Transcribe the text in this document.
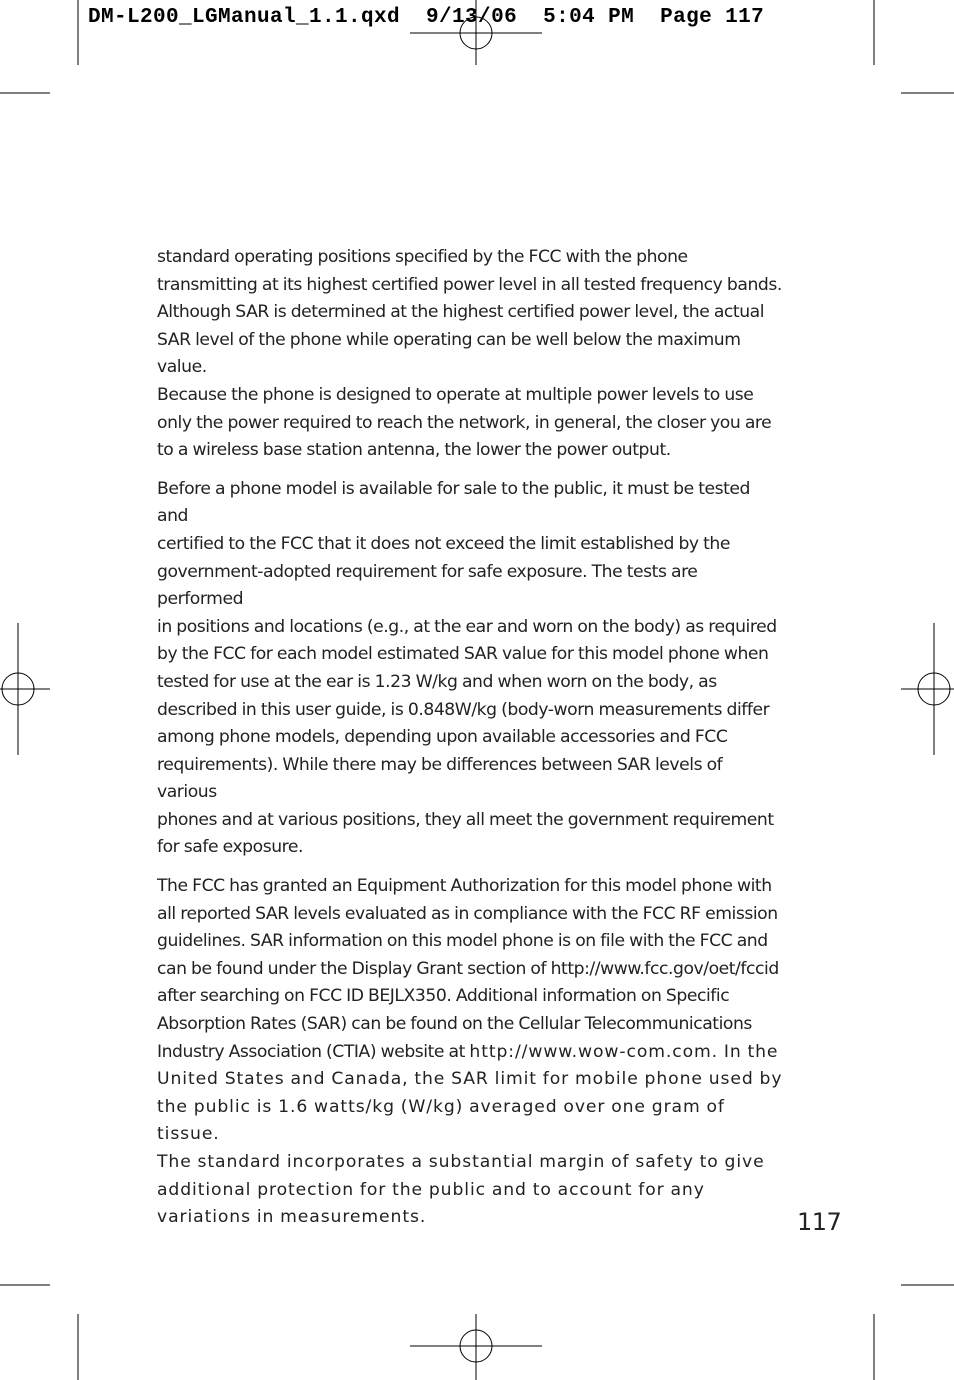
DM-L200_LGManual_1.1.qxd  9/13/06  5:04 PM  Page 117

standard operating positions specified by the FCC with the phone
transmitting at its highest certified power level in all tested frequency bands.
Although SAR is determined at the highest certified power level, the actual
SAR level of the phone while operating can be well below the maximum value.
Because the phone is designed to operate at multiple power levels to use
only the power required to reach the network, in general, the closer you are
to a wireless base station antenna, the lower the power output.

Before a phone model is available for sale to the public, it must be tested and
certified to the FCC that it does not exceed the limit established by the
government-adopted requirement for safe exposure. The tests are performed
in positions and locations (e.g., at the ear and worn on the body) as required
by the FCC for each model estimated SAR value for this model phone when
tested for use at the ear is 1.23 W/kg and when worn on the body, as
described in this user guide, is 0.848W/kg (body-worn measurements differ
among phone models, depending upon available accessories and FCC
requirements). While there may be differences between SAR levels of various
phones and at various positions, they all meet the government requirement
for safe exposure.

The FCC has granted an Equipment Authorization for this model phone with
all reported SAR levels evaluated as in compliance with the FCC RF emission
guidelines. SAR information on this model phone is on file with the FCC and
can be found under the Display Grant section of http://www.fcc.gov/oet/fccid
after searching on FCC ID BEJLX350. Additional information on Specific
Absorption Rates (SAR) can be found on the Cellular Telecommunications
Industry Association (CTIA) website at http://www.wow-com.com. In the
United States and Canada, the SAR limit for mobile phone used by
the public is 1.6 watts/kg (W/kg) averaged over one gram of tissue.
The standard incorporates a substantial margin of safety to give
additional protection for the public and to account for any
variations in measurements.	117
